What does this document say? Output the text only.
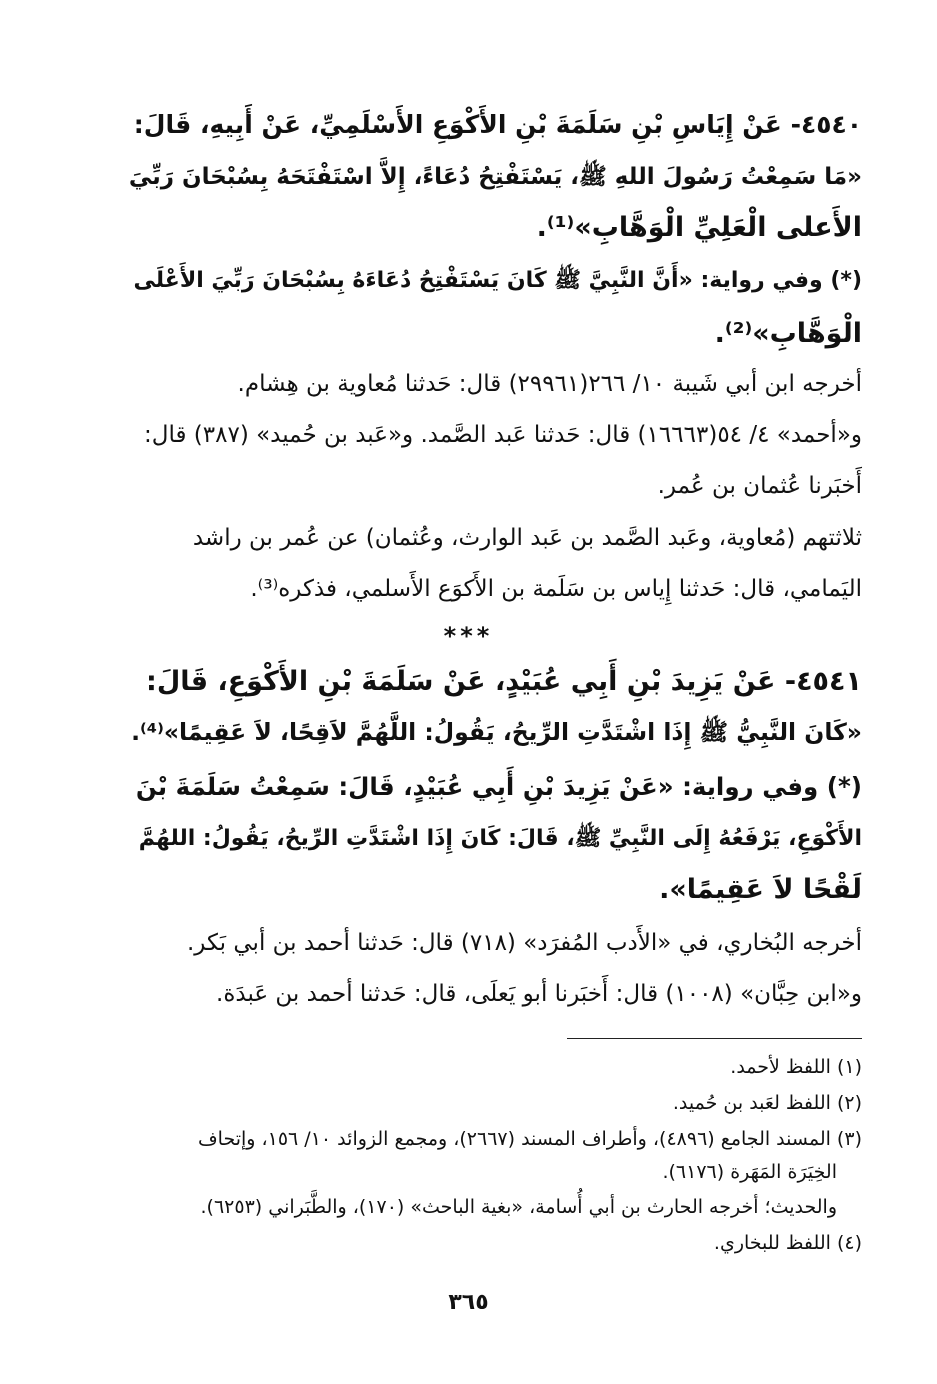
٤٥٤٠- عَنْ إِيَاسِ بْنِ سَلَمَةَ بْنِ الأَكْوَعِ الأَسْلَمِيِّ، عَنْ أَبِيهِ، قَالَ:
«مَا سَمِعْتُ رَسُولَ اللهِ ﷺ، يَسْتَفْتِحُ دُعَاءً، إِلاَّ اسْتَفْتَحَهُ بِسُبْحَانَ رَبِّيَ
الأَعلى الْعَلِيِّ الْوَهَّابِ»⁽¹⁾.
(*) وفي رواية: «أَنَّ النَّبِيَّ ﷺ كَانَ يَسْتَفْتِحُ دُعَاءَهُ بِسُبْحَانَ رَبِّيَ الأَعْلَى
الْوَهَّابِ»⁽²⁾.
أخرجه ابن أبي شَيبة ١٠/ ٢٦٦(٢٩٩٦١) قال: حَدثنا مُعاوية بن هِشام.
و«أحمد» ٤/ ٥٤(١٦٦٦٣) قال: حَدثنا عَبد الصَّمد. و«عَبد بن حُميد» (٣٨٧) قال:
أَخبَرنا عُثمان بن عُمر.
ثلاثتهم (مُعاوية، وعَبد الصَّمد بن عَبد الوارث، وعُثمان) عن عُمر بن راشد
اليَمامي، قال: حَدثنا إِياس بن سَلَمة بن الأَكوَع الأَسلمي، فذكره⁽³⁾.
***
٤٥٤١- عَنْ يَزِيدَ بْنِ أَبِي عُبَيْدٍ، عَنْ سَلَمَةَ بْنِ الأَكْوَعِ، قَالَ:
«كَانَ النَّبِيُّ ﷺ إِذَا اشْتَدَّتِ الرِّيحُ، يَقُولُ: اللَّهُمَّ لاَقِحًا، لاَ عَقِيمًا»⁽⁴⁾.
(*) وفي رواية: «عَنْ يَزِيدَ بْنِ أَبِي عُبَيْدٍ، قَالَ: سَمِعْتُ سَلَمَةَ بْنَ
الأَكْوَعِ، يَرْفَعُهُ إِلَى النَّبِيِّ ﷺ، قَالَ: كَانَ إِذَا اشْتَدَّتِ الرِّيحُ، يَقُولُ: اللهُمَّ
لَقْحًا لاَ عَقِيمًا».
أخرجه البُخاري، في «الأَدب المُفرَد» (٧١٨) قال: حَدثنا أحمد بن أبي بَكر.
و«ابن حِبَّان» (١٠٠٨) قال: أَخبَرنا أبو يَعلَى، قال: حَدثنا أحمد بن عَبدَة.
(١) اللفظ لأحمد.
(٢) اللفظ لعَبد بن حُميد.
(٣) المسند الجامع (٤٨٩٦)، وأطراف المسند (٢٦٦٧)، ومجمع الزوائد ١٠/ ١٥٦، وإتحاف
الخِيَرَة المَهَرة (٦١٧٦).
والحديث؛ أخرجه الحارث بن أبي أُسامة، «بغية الباحث» (١٧٠)، والطَّبَراني (٦٢٥٣).
(٤) اللفظ للبخاري.
٣٦٥
